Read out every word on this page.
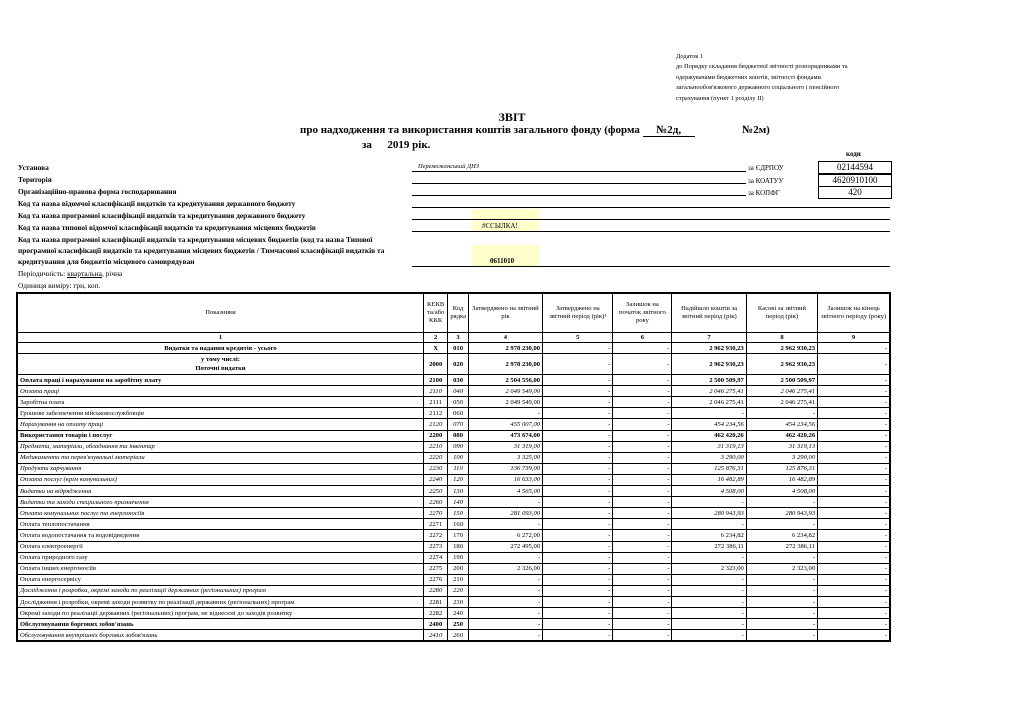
Додаток 1
до Порядку складання бюджетної звітності розпорядниками та
одержувачами бюджетних коштів, звітності фондами
загальнообов'язкового державного соціального і пенсійного
страхування (пункт 1 розділу II)
ЗВІТ
про надходження та використання коштів загального фонду (форма №2д,	№2м)
за 2019 рік.
коди
за ЄДРПОУ	02144594
за КОАТУУ	4620910100
за КОПФГ	420
Установа	Переможенський ДНЗ
Територія
Організаційно-правова форма господарювання
Код та назва відомчої класифікації видатків та кредитування державного бюджету
Код та назва програмної класифікації видатків та кредитування державного бюджету
Код та назва типової відомчої класифікації видатків та кредитування місцевих бюджетів	#ССЫЛКА!
Код та назва програмної класифікації видатків та кредитування місцевих бюджетів (код та назва Типової
програмної класифікації видатків та кредитування місцевих бюджетів / Тимчасової класифікації видатків та
кредитування для бюджетів місцевого самоврядуван	0611010
Періодичність: квартальна, річна
Одиниця виміру: грн, коп.
Показники	КЕКВ та/або ККК	Код рядка	Затверджено на звітний рік	Затверджено на звітний період (рік)¹	Залишок на початок звітного року	Надійшло коштів за звітний період (рік)	Касові за звітний період (рік)	Залишок на кінець звітного періоду (року)
1	2	3	4	5	6	7	8	9
Видатки та надання кредитів - усього	X	010	2 978 230,00	-	-	2 962 930,23	2 962 930,23	-
у тому числі:
Поточні видатки	2000	020	2 978 230,00	-	-	2 962 930,23	2 962 930,23	-
Оплата праці і нарахування на заробітну плату	2100	030	2 504 556,00	-	-	2 500 509,97	2 500 509,97	-
Оплата праці	2110	040	2 049 549,00	-	-	2 046 275,41	2 046 275,41	-
Заробітна плата	2111	050	2 049 549,00	-	-	2 046 275,41	2 046 275,41	-
Грошове забезпечення військовослужбовців	2112	060	-	-	-	-	-	-
Нарахування на оплату праці	2120	070	455 007,00	-	-	454 234,56	454 234,56	-
Використання товарів і послуг	2200	080	473 674,00	-	-	462 420,26	462 420,26	-
Предмети, матеріали, обладнання та інвентар	2210	090	31 319,00	-	-	31 319,13	31 319,13	-
Медикаменти та перев'язувальні матеріали	2220	100	3 325,00	-	-	3 290,00	3 290,00	-
Продукти харчування	2230	110	136 739,00	-	-	125 876,31	125 876,31	-
Оплата послуг (крім комунальних)	2240	120	16 633,00	-	-	16 482,89	16 482,89	-
Видатки на відрядження	2250	130	4 565,00	-	-	4 508,00	4 508,00	-
Видатки та заходи спеціального призначення	2260	140	-	-	-	-	-	-
Оплата комунальних послуг та енергоносіїв	2270	150	281 093,00	-	-	280 943,93	280 943,93	-
Оплата теплопостачання	2271	160	-	-	-	-	-	-
Оплата водопостачання та водовідведення	2272	170	6 272,00	-	-	6 234,82	6 234,82	-
Оплата електроенергії	2273	180	272 495,00	-	-	272 386,11	272 386,11	-
Оплата природного газу	2274	190	-	-	-	-	-	-
Оплата інших енергоносіїв	2275	200	2 326,00	-	-	2 323,00	2 323,00	-
Оплата енергосервісу	2276	210	-	-	-	-	-	-
Дослідження і розробки, окремі заходи по реалізації державних (регіональних) програм	2280	220	-	-	-	-	-	-
Дослідження і розробки, окремі заходи розвитку по реалізації державних (регіональних) програм	2281	230	-	-	-	-	-	-
Окремі заходи по реалізації державних (регіональних) програм, не віднесені до заходів розвитку	2282	240	-	-	-	-	-	-
Обслуговування боргових зобов'язань	2400	250	-	-	-	-	-	-
Обслуговування внутрішніх боргових зобов'язань	2410	260	-	-	-	-	-	-
